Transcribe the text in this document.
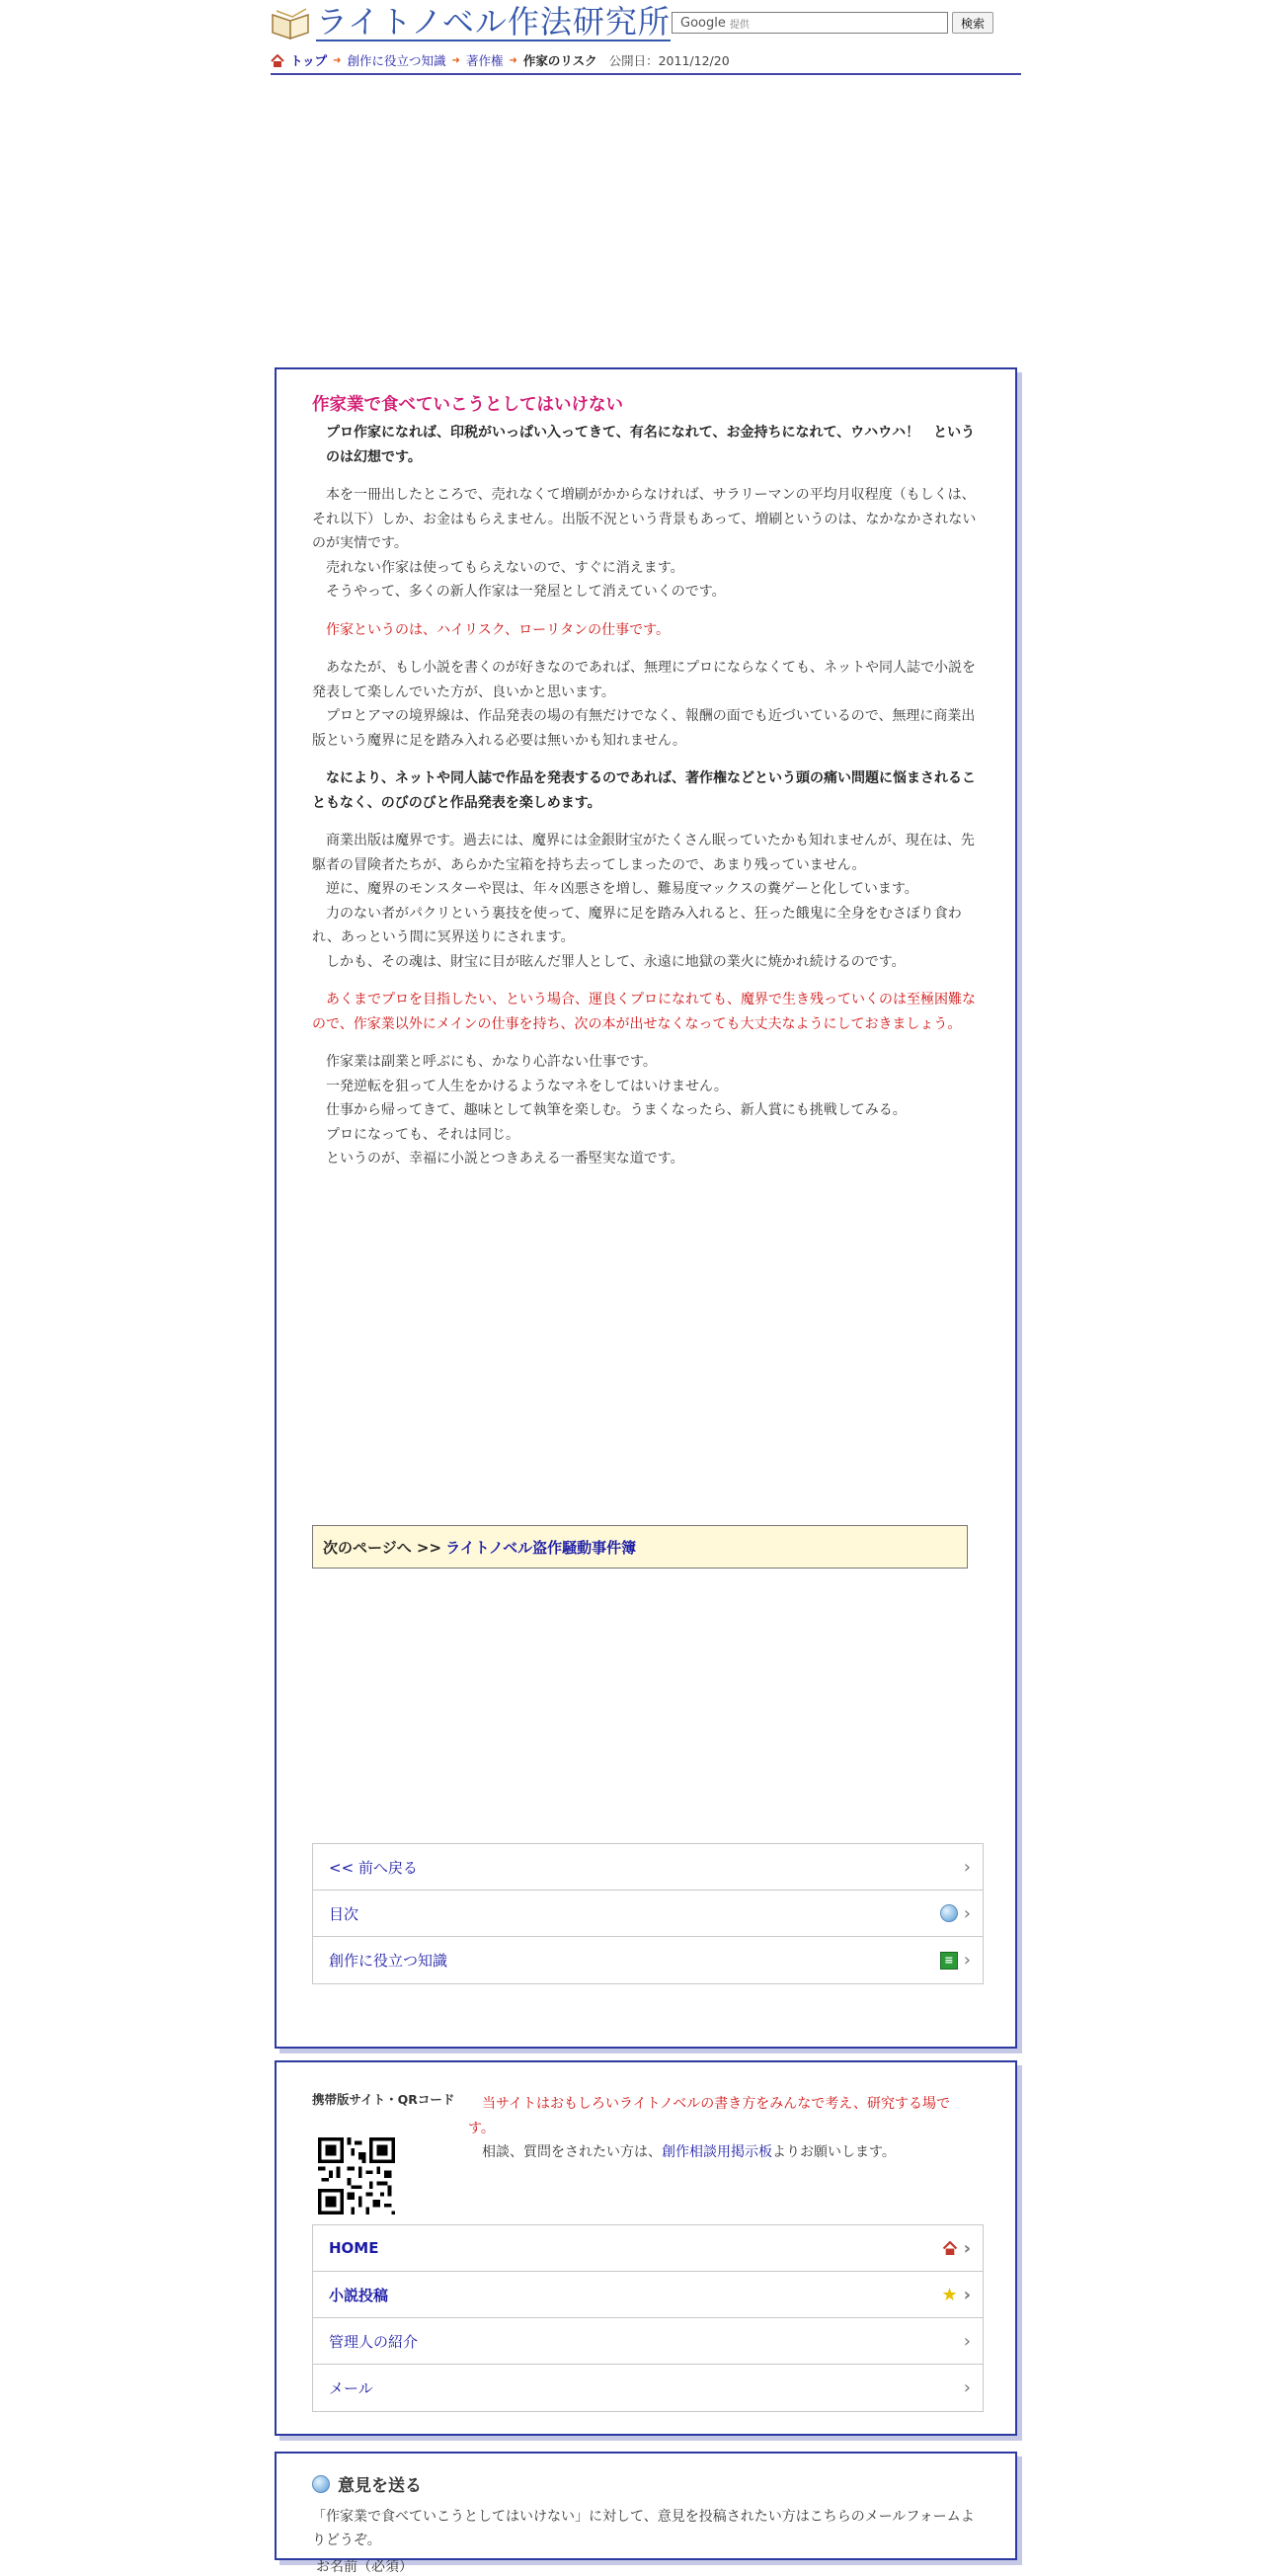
ライトノベル作法研究所 Google 提供	検索
トップ ➜ 創作に役立つ知識 ➜ 著作権 ➜ 作家のリスク 公開日：2011/12/20
作家業で食べていこうとしてはいけない

プロ作家になれば、印税がいっぱい入ってきて、有名になれて、お金持ちになれて、ウハウハ！　というのは幻想です。

本を一冊出したところで、売れなくて増刷がかからなければ、サラリーマンの平均月収程度（もしくは、それ以下）しか、お金はもらえません。出版不況という背景もあって、増刷というのは、なかなかされないのが実情です。

売れない作家は使ってもらえないので、すぐに消えます。

そうやって、多くの新人作家は一発屋として消えていくのです。

作家というのは、ハイリスク、ローリタンの仕事です。

あなたが、もし小説を書くのが好きなのであれば、無理にプロにならなくても、ネットや同人誌で小説を発表して楽しんでいた方が、良いかと思います。

プロとアマの境界線は、作品発表の場の有無だけでなく、報酬の面でも近づいているので、無理に商業出版という魔界に足を踏み入れる必要は無いかも知れません。

なにより、ネットや同人誌で作品を発表するのであれば、著作権などという頭の痛い問題に悩まされることもなく、のびのびと作品発表を楽しめます。

商業出版は魔界です。過去には、魔界には金銀財宝がたくさん眠っていたかも知れませんが、現在は、先駆者の冒険者たちが、あらかた宝箱を持ち去ってしまったので、あまり残っていません。

逆に、魔界のモンスターや罠は、年々凶悪さを増し、難易度マックスの糞ゲーと化しています。

力のない者がパクリという裏技を使って、魔界に足を踏み入れると、狂った餓鬼に全身をむさぼり食われ、あっという間に冥界送りにされます。

しかも、その魂は、財宝に目が眩んだ罪人として、永遠に地獄の業火に焼かれ続けるのです。

あくまでプロを目指したい、という場合、運良くプロになれても、魔界で生き残っていくのは至極困難なので、作家業以外にメインの仕事を持ち、次の本が出せなくなっても大丈夫なようにしておきましょう。

作家業は副業と呼ぶにも、かなり心許ない仕事です。

一発逆転を狙って人生をかけるようなマネをしてはいけません。

仕事から帰ってきて、趣味として執筆を楽しむ。うまくなったら、新人賞にも挑戦してみる。

プロになっても、それは同じ。

というのが、幸福に小説とつきあえる一番堅実な道です。

次のページへ >> ライトノベル盗作騒動事件簿
<< 前へ戻る	›
目次	›
創作に役立つ知識	≡ ›
携帯版サイト・QRコード	当サイトはおもしろいライトノベルの書き方をみんなで考え、研究する場です。

相談、質問をされたい方は、創作相談用掲示板よりお願いします。

HOME	›
小説投稿	★ ›
管理人の紹介	›
メール	›
意見を送る

「作家業で食べていこうとしてはいけない」に対して、意見を投稿されたい方はこちらのメールフォームよりどうぞ。

お名前（必須）
